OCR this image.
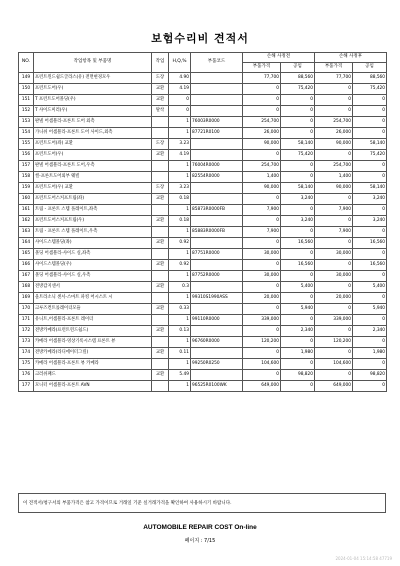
보험수리비 견적서
NO.	작업항목 및 부품명	작업	H,Q,%	부품코드	손해 사정전		손해 사정후	
					부품가격	공임	부품가격	공임
149	프런트윈드쉴드글라스(유) 전면현경모우	도장	4.90		77,700	88,560	77,700	88,560
150	프런트도어(우)	교환	4.19		0	75,420	0	75,420
151	T 프런트도어몰딩(우)	교환	0		0	0	0	0
152	T 사이드미러(우)	탈착	0		0	0	0	0
153	판넬 어셈블리-프론트 도어 외측		1	76003R0000	254,700	0	254,700	0
154	가니쉬 어셈블리-프론트 도어 사이드,외측		1	87721R0100	26,000	0	26,000	0
155	프런트도어(좌) 교환	도장	3.23		90,000	58,140	90,000	58,140
156	프런트도어(우)	교환	4.19		0	75,420	0	75,420
157	판넬 어셈블리-프론트 도어,우측		1	76004R0000	254,700	0	254,700	0
158	씰-프론트도어외부 웨빌		1	82554R0000	1,400	0	1,400	0
159	프런트도어(우) 교환	도장	3.23		90,000	58,140	90,000	58,140
160	프런트도어스커프트림(좌)	교환	0.18		0	3,240	0	3,240
161	트림 - 프론트 스텝 플레이트,좌측		1	85873R0000FB	7,900	0	7,900	0
162	프런트도어스커프트림(우)	교환	0.18		0	3,240	0	3,240
163	트림 - 프론트 스텝 플레이트,우측		1	85883R0000FB	7,900	0	7,900	0
164	사이드스텝몰딩(좌)	교환	0.92		0	16,560	0	16,560
165	몰딩 어셈블리-사이드 실,좌측		1	87751R0000	30,000	0	30,000	0
166	사이드스텝몰딩(우)	교환	0.92		0	16,560	0	16,560
167	몰딩 어셈블리-사이드 실,우측		1	87752R0000	30,000	0	30,000	0
168	전방감지센서	교환	0.3		0	5,400	0	5,400
169	울트라소닉 센서-스마트 파킹 어시스트 시		1	99310S1990ASS	20,000	0	20,000	0
170	크루즈컨트롤레이더모듈	교환	0.33		0	5,940	0	5,940
171	유니트,어셈블리-프론트 레이더		1	99110R0000	339,000	0	339,000	0
172	전방카메라(프런트윈드쉴드)	교환	0.13		0	2,340	0	2,340
173	카메라 어셈블리-영상기록시스템 프론트 뷰		1	96760R0000	120,200	0	120,200	0
174	전방카메라(라디에이터그릴)	교환	0.11		0	1,980	0	1,980
175	카메라 어셈블리-프론트 뷰 카메라		1	99250R0250	104,600	0	104,600	0
176	크러쉬패드	교환	5.49		0	98,820	0	98,820
177	모니터 어셈블리-프론트 AVN		1	96525R0100WK	649,000	0	649,000	0
이 견적서/청구서의 부품가격은 참고 가격이므로 거래일 기준 실거래가격을 확인하여 사용하시기 바랍니다.
AUTOMOBILE REPAIR COST On-line
페이지 : 7/15
2024-01-04 15:14:58 47719
